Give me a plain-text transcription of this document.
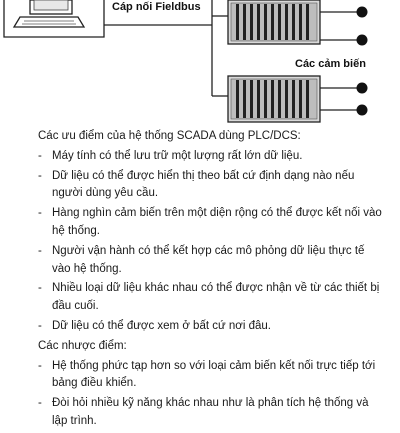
Cáp nối Fieldbus
Các cảm biến

Các ưu điểm của hệ thống SCADA dùng PLC/DCS:

- Máy tính có thể lưu trữ một lượng rất lớn dữ liệu.
- Dữ liệu có thể được hiển thị theo bất cứ định dạng nào nếu người dùng yêu cầu.
- Hàng nghìn cảm biến trên một diện rộng có thể được kết nối vào hệ thống.
- Người vận hành có thể kết hợp các mô phỏng dữ liệu thực tế vào hệ thống.
- Nhiều loại dữ liệu khác nhau có thể được nhận về từ các thiết bị đầu cuối.
- Dữ liệu có thể được xem ở bất cứ nơi đâu.

Các nhược điểm:

- Hệ thống phức tạp hơn so với loại cảm biến kết nối trực tiếp tới bảng điều khiển.
- Đòi hỏi nhiều kỹ năng khác nhau như là phân tích hệ thống và lập trình.
